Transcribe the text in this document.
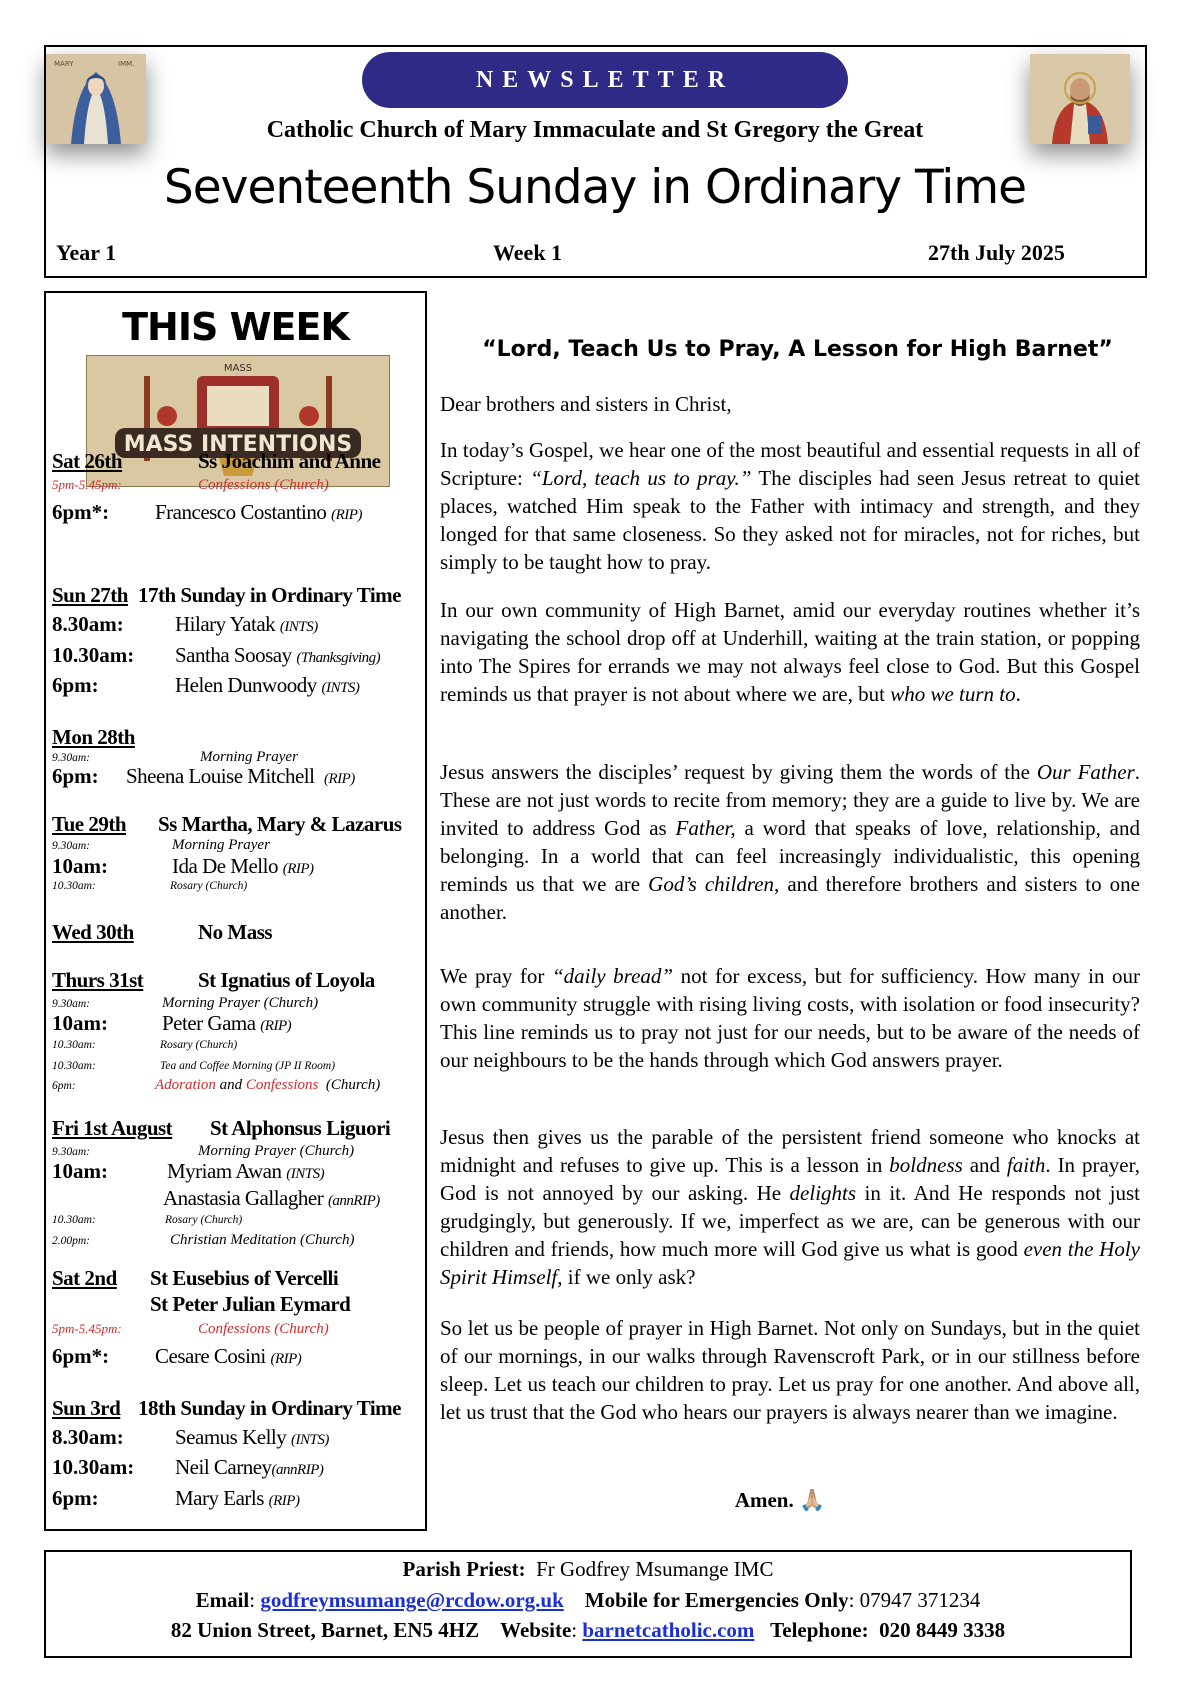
NEWSLETTER
MARY	IMM.
Catholic Church of Mary Immaculate and St Gregory the Great
Seventeenth Sunday in Ordinary Time
Year 1	Week 1	27th July 2025
THIS WEEK
MASS
MASS INTENTIONS
Sat 26th	Ss Joachim and Anne
5pm-5.45pm:	Confessions (Church)
6pm*: Francesco Costantino (RIP)
Sun 27th 17th Sunday in Ordinary Time
8.30am: Hilary Yatak (INTS)
10.30am: Santha Soosay (Thanksgiving)
6pm:	Helen Dunwoody (INTS)
Mon 28th
9.30am:	Morning Prayer
6pm: Sheena Louise Mitchell (RIP)
Tue 29th Ss Martha, Mary & Lazarus
9.30am:	Morning Prayer
10am:	Ida De Mello (RIP)
10.30am:	Rosary (Church)
Wed 30th	No Mass
Thurs 31st	St Ignatius of Loyola
9.30am:	Morning Prayer (Church)
10am:	Peter Gama (RIP)
10.30am:	Rosary (Church)
10.30am:	Tea and Coffee Morning (JP II Room)
6pm:	Adoration and Confessions (Church)
Fri 1st August St Alphonsus Liguori
9.30am:	Morning Prayer (Church)
10am:	Myriam Awan (INTS)
Anastasia Gallagher (annRIP)
10.30am:	Rosary (Church)
2.00pm:	Christian Meditation (Church)
Sat 2nd St Eusebius of Vercelli
St Peter Julian Eymard
5pm-5.45pm:	Confessions (Church)
6pm*: Cesare Cosini (RIP)
Sun 3rd 18th Sunday in Ordinary Time
8.30am: Seamus Kelly (INTS)
10.30am: Neil Carney(annRIP)
6pm:	Mary Earls (RIP)
“Lord, Teach Us to Pray, A Lesson for High Barnet”
Dear brothers and sisters in Christ,
In today’s Gospel, we hear one of the most beautiful and essential requests in all of Scripture: “Lord, teach us to pray.” The disciples had seen Jesus retreat to quiet places, watched Him speak to the Father with intimacy and strength, and they longed for that same closeness. So they asked not for miracles, not for riches, but simply to be taught how to pray.
In our own community of High Barnet, amid our everyday routines whether it’s navigating the school drop off at Underhill, waiting at the train station, or popping into The Spires for errands we may not always feel close to God. But this Gospel reminds us that prayer is not about where we are, but who we turn to.
Jesus answers the disciples’ request by giving them the words of the Our Father. These are not just words to recite from memory; they are a guide to live by. We are invited to address God as Father, a word that speaks of love, relationship, and belonging. In a world that can feel increasingly individualistic, this opening reminds us that we are God’s children, and therefore brothers and sisters to one another.
We pray for “daily bread” not for excess, but for sufficiency. How many in our own community struggle with rising living costs, with isolation or food insecurity? This line reminds us to pray not just for our needs, but to be aware of the needs of our neighbours to be the hands through which God answers prayer.
Jesus then gives us the parable of the persistent friend someone who knocks at midnight and refuses to give up. This is a lesson in boldness and faith. In prayer, God is not annoyed by our asking. He delights in it. And He responds not just grudgingly, but generously. If we, imperfect as we are, can be generous with our children and friends, how much more will God give us what is good even the Holy Spirit Himself, if we only ask?
So let us be people of prayer in High Barnet. Not only on Sundays, but in the quiet of our mornings, in our walks through Ravenscroft Park, or in our stillness before sleep. Let us teach our children to pray. Let us pray for one another. And above all, let us trust that the God who hears our prayers is always nearer than we imagine.
Amen. 🙏🏼
Parish Priest: Fr Godfrey Msumange IMC
Email: godfreymsumange@rcdow.org.uk Mobile for Emergencies Only: 07947 371234
82 Union Street, Barnet, EN5 4HZ Website: barnetcatholic.com Telephone: 020 8449 3338
